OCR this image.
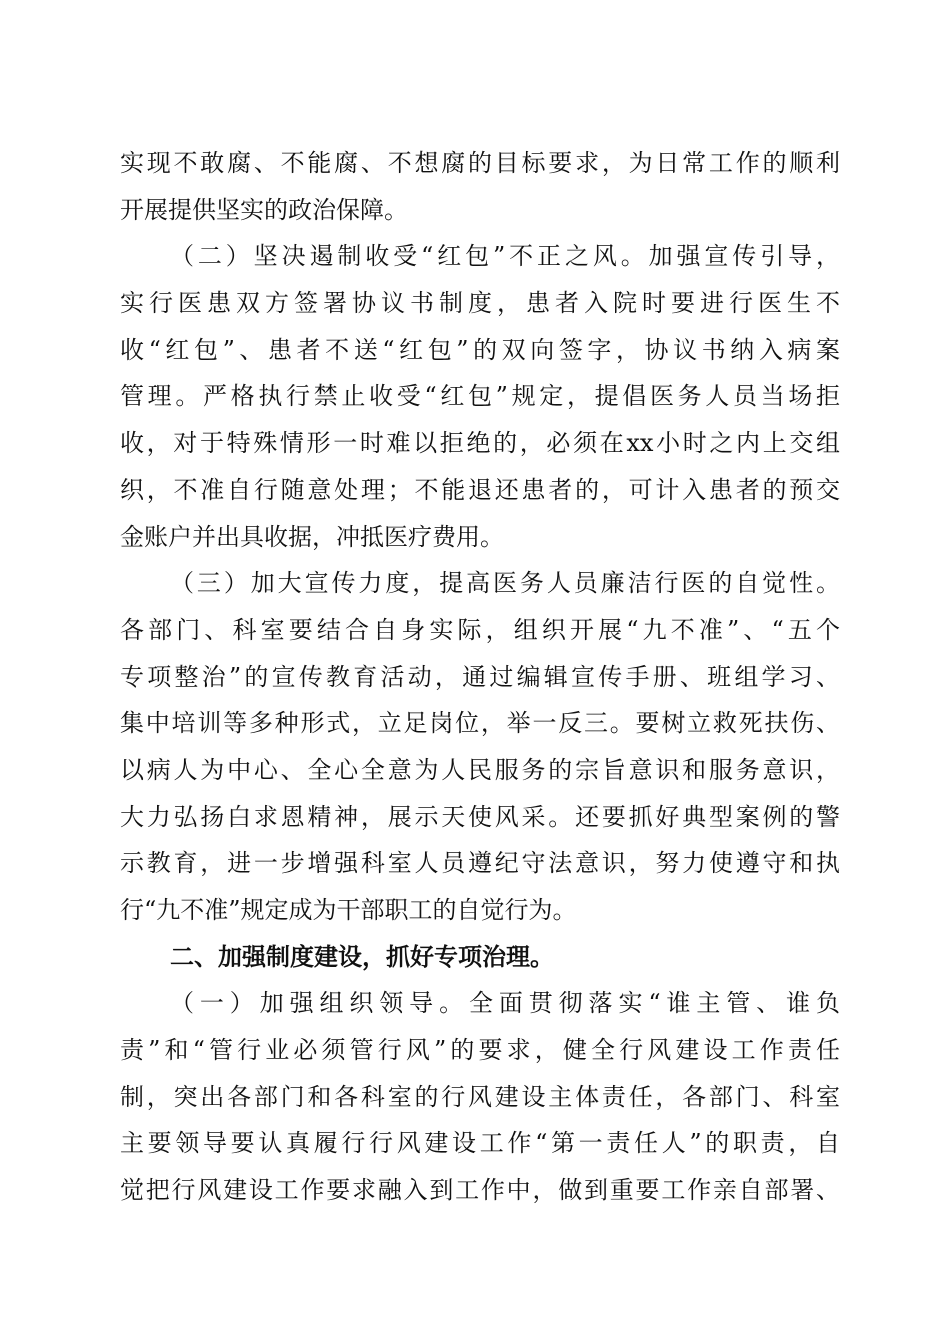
实现不敢腐、不能腐、不想腐的目标要求，为日常工作的顺利
开展提供坚实的政治保障。
（二）坚决遏制收受“红包”不正之风。加强宣传引导，
实行医患双方签署协议书制度，患者入院时要进行医生不
收“红包”、患者不送“红包”的双向签字，协议书纳入病案
管理。严格执行禁止收受“红包”规定，提倡医务人员当场拒
收，对于特殊情形一时难以拒绝的，必须在xx小时之内上交组
织，不准自行随意处理；不能退还患者的，可计入患者的预交
金账户并出具收据，冲抵医疗费用。
（三）加大宣传力度，提高医务人员廉洁行医的自觉性。
各部门、科室要结合自身实际，组织开展“九不准”、“五个
专项整治”的宣传教育活动，通过编辑宣传手册、班组学习、
集中培训等多种形式，立足岗位，举一反三。要树立救死扶伤、
以病人为中心、全心全意为人民服务的宗旨意识和服务意识，
大力弘扬白求恩精神，展示天使风采。还要抓好典型案例的警
示教育，进一步增强科室人员遵纪守法意识，努力使遵守和执
行“九不准”规定成为干部职工的自觉行为。
二、加强制度建设，抓好专项治理。
（一）加强组织领导。全面贯彻落实“谁主管、谁负
责”和“管行业必须管行风”的要求，健全行风建设工作责任
制，突出各部门和各科室的行风建设主体责任，各部门、科室
主要领导要认真履行行风建设工作“第一责任人”的职责，自
觉把行风建设工作要求融入到工作中，做到重要工作亲自部署、
